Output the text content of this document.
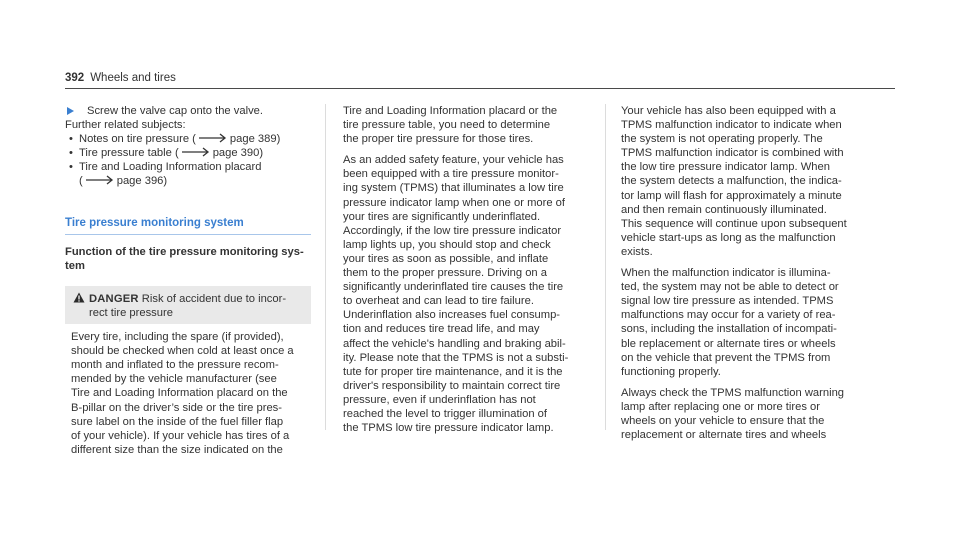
392 Wheels and tires

Screw the valve cap onto the valve.

Further related subjects:

• Notes on tire pressure (	page 389)
• Tire pressure table (	page 390)
• Tire and Loading Information placard
(	page 396)
Tire pressure monitoring system

Function of the tire pressure monitoring sys-
tem

DANGER Risk of accident due to incor-
rect tire pressure

Every tire, including the spare (if provided),
should be checked when cold at least once a
month and inflated to the pressure recom-
mended by the vehicle manufacturer (see
Tire and Loading Information placard on the
B-pillar on the driver’s side or the tire pres-
sure label on the inside of the fuel filler flap
of your vehicle). If your vehicle has tires of a
different size than the size indicated on the

Tire and Loading Information placard or the
tire pressure table, you need to determine
the proper tire pressure for those tires.

As an added safety feature, your vehicle has
been equipped with a tire pressure monitor-
ing system (TPMS) that illuminates a low tire
pressure indicator lamp when one or more of
your tires are significantly underinflated.
Accordingly, if the low tire pressure indicator
lamp lights up, you should stop and check
your tires as soon as possible, and inflate
them to the proper pressure. Driving on a
significantly underinflated tire causes the tire
to overheat and can lead to tire failure.
Underinflation also increases fuel consump-
tion and reduces tire tread life, and may
affect the vehicle's handling and braking abil-
ity. Please note that the TPMS is not a substi-
tute for proper tire maintenance, and it is the
driver's responsibility to maintain correct tire
pressure, even if underinflation has not
reached the level to trigger illumination of
the TPMS low tire pressure indicator lamp.

Your vehicle has also been equipped with a
TPMS malfunction indicator to indicate when
the system is not operating properly. The
TPMS malfunction indicator is combined with
the low tire pressure indicator lamp. When
the system detects a malfunction, the indica-
tor lamp will flash for approximately a minute
and then remain continuously illuminated.
This sequence will continue upon subsequent
vehicle start-ups as long as the malfunction
exists.

When the malfunction indicator is illumina-
ted, the system may not be able to detect or
signal low tire pressure as intended. TPMS
malfunctions may occur for a variety of rea-
sons, including the installation of incompati-
ble replacement or alternate tires or wheels
on the vehicle that prevent the TPMS from
functioning properly.

Always check the TPMS malfunction warning
lamp after replacing one or more tires or
wheels on your vehicle to ensure that the
replacement or alternate tires and wheels
